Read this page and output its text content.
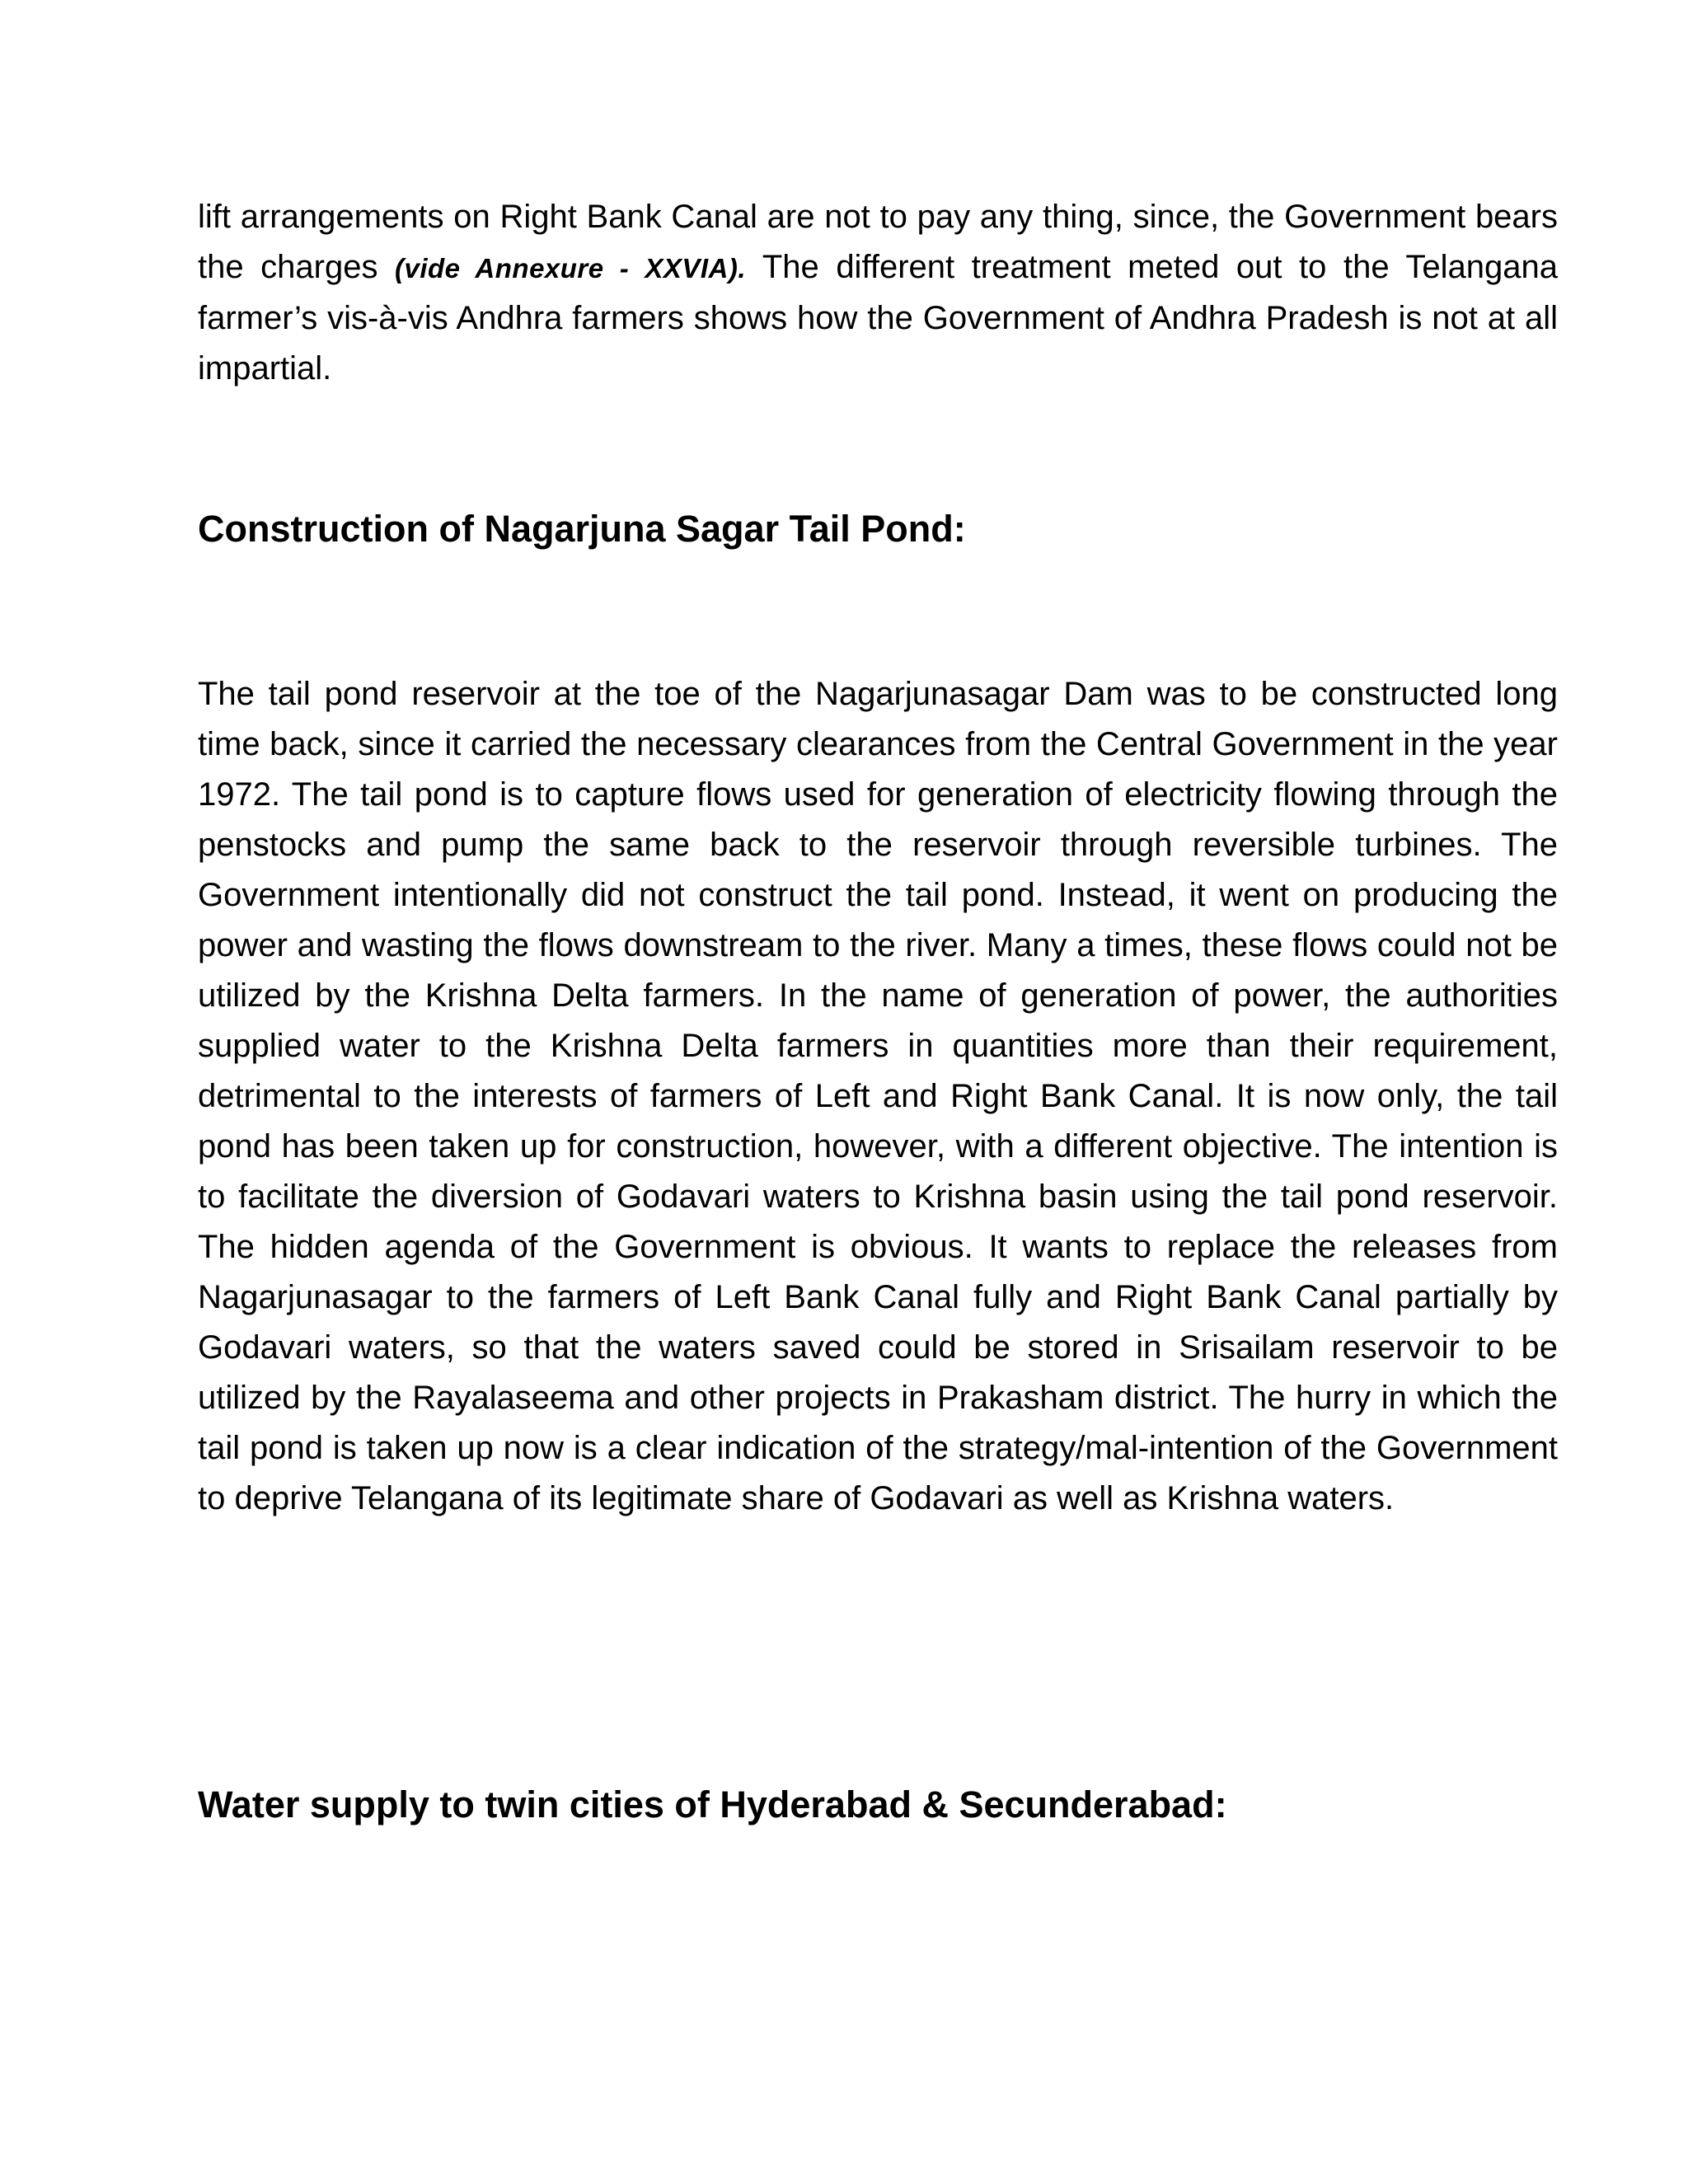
lift arrangements on Right Bank Canal are not to pay any thing, since, the Government bears the charges (vide Annexure - XXVIA). The different treatment meted out to the Telangana farmer’s vis-à-vis Andhra farmers shows how the Government of Andhra Pradesh is not at all impartial.

Construction of Nagarjuna Sagar Tail Pond:

The tail pond reservoir at the toe of the Nagarjunasagar Dam was to be constructed long time back, since it carried the necessary clearances from the Central Government in the year 1972. The tail pond is to capture flows used for generation of electricity flowing through the penstocks and pump the same back to the reservoir through reversible turbines. The Government intentionally did not construct the tail pond. Instead, it went on producing the power and wasting the flows downstream to the river. Many a times, these flows could not be utilized by the Krishna Delta farmers. In the name of generation of power, the authorities supplied water to the Krishna Delta farmers in quantities more than their requirement, detrimental to the interests of farmers of Left and Right Bank Canal. It is now only, the tail pond has been taken up for construction, however, with a different objective. The intention is to facilitate the diversion of Godavari waters to Krishna basin using the tail pond reservoir. The hidden agenda of the Government is obvious. It wants to replace the releases from Nagarjunasagar to the farmers of Left Bank Canal fully and Right Bank Canal partially by Godavari waters, so that the waters saved could be stored in Srisailam reservoir to be utilized by the Rayalaseema and other projects in Prakasham district. The hurry in which the tail pond is taken up now is a clear indication of the strategy/mal-intention of the Government to deprive Telangana of its legitimate share of Godavari as well as Krishna waters.

Water supply to twin cities of Hyderabad & Secunderabad:
